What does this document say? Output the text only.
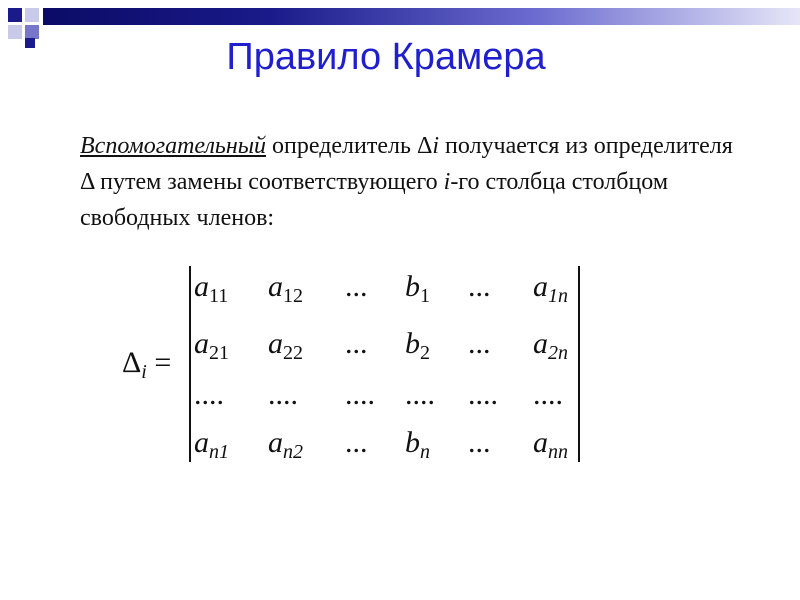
Правило Крамера
Вспомогательный определитель Δi получается из определителя Δ путем замены соответствующего i-го столбца столбцом свободных членов:
$\Delta_i$ =
$a_{11}$ $a_{12}$ ... $b_1$ ... $a_{1n}$
$a_{21}$ $a_{22}$ ... $b_2$ ... $a_{2n}$
.... .... .... .... .... ....
$a_{n1}$ $a_{n2}$ ... $b_n$ ... $a_{nn}$
